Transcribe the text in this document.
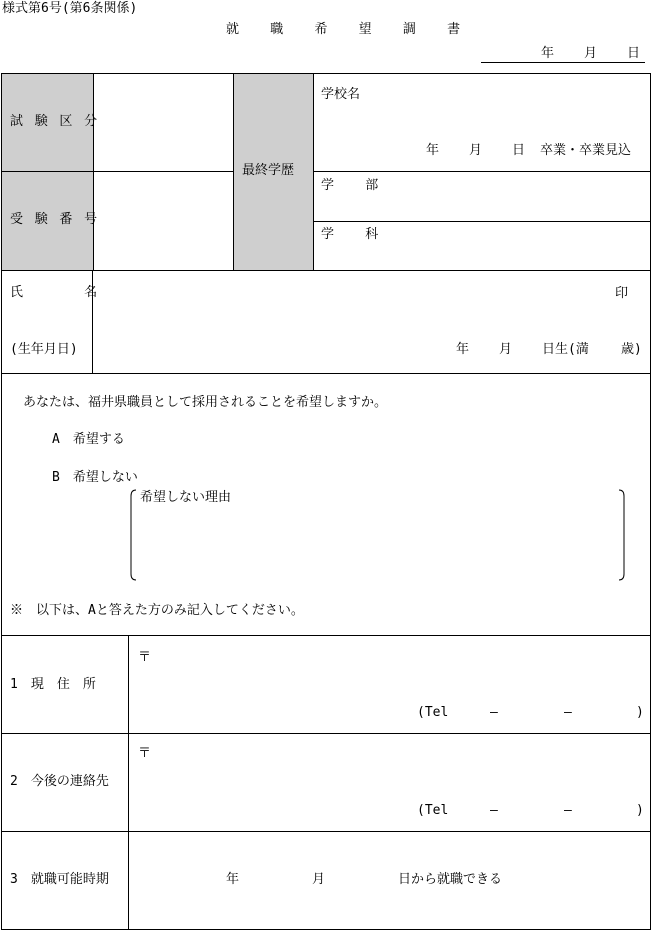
様式第6号(第6条関係)
就 職 希 望 調 書
年 月 日
試験区分
受験番号
最終学歴
学校名
年 月 日 卒業・卒業見込
学 部
学 科
氏　　名	印
(生年月日)	年 月 日生(満 歳)
あなたは、福井県職員として採用されることを希望しますか。
A　希望する
B　希望しない
希望しない理由
※　以下は、Aと答えた方のみ記入してください。
1　現　住　所
〒
(Tel	—	—	)
2　今後の連絡先
〒
(Tel	—	—	)
3　就職可能時期	年	月	日から就職できる
